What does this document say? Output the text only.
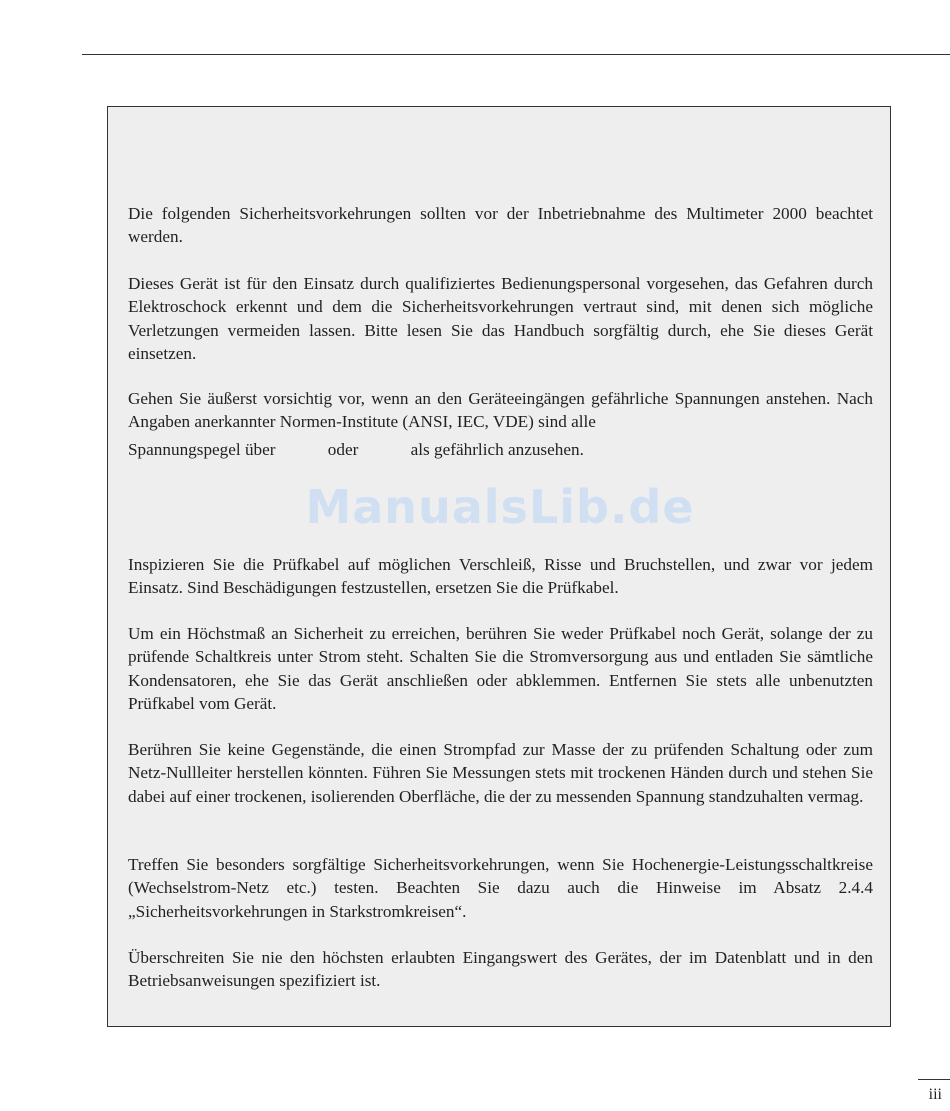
Die folgenden Sicherheitsvorkehrungen sollten vor der Inbetriebnahme des Multimeter 2000 beachtet werden.

Dieses Gerät ist für den Einsatz durch qualifiziertes Bedienungspersonal vorgesehen, das Gefahren durch Elektroschock erkennt und dem die Sicherheitsvorkehrungen vertraut sind, mit denen sich mögliche Verletzungen vermeiden lassen. Bitte lesen Sie das Handbuch sorgfältig durch, ehe Sie dieses Gerät einsetzen.

Gehen Sie äußerst vorsichtig vor, wenn an den Geräteeingängen gefährliche Spannungen anstehen. Nach Angaben anerkannter Normen-Institute (ANSI, IEC, VDE) sind alle
Spannungspegel über	oder	als gefährlich anzusehen.

ManualsLib.de

Inspizieren Sie die Prüfkabel auf möglichen Verschleiß, Risse und Bruchstellen, und zwar vor jedem Einsatz. Sind Beschädigungen festzustellen, ersetzen Sie die Prüfkabel.

Um ein Höchstmaß an Sicherheit zu erreichen, berühren Sie weder Prüfkabel noch Gerät, solange der zu prüfende Schaltkreis unter Strom steht. Schalten Sie die Stromversorgung aus und entladen Sie sämtliche Kondensatoren, ehe Sie das Gerät anschließen oder abklemmen. Entfernen Sie stets alle unbenutzten Prüfkabel vom Gerät.

Berühren Sie keine Gegenstände, die einen Strompfad zur Masse der zu prüfenden Schaltung oder zum Netz-Nullleiter herstellen könnten. Führen Sie Messungen stets mit trockenen Händen durch und stehen Sie dabei auf einer trockenen, isolierenden Oberfläche, die der zu messenden Spannung standzuhalten vermag.

Treffen Sie besonders sorgfältige Sicherheitsvorkehrungen, wenn Sie Hochenergie-Leistungsschaltkreise (Wechselstrom-Netz etc.) testen. Beachten Sie dazu auch die Hinweise im Absatz 2.4.4 „Sicherheitsvorkehrungen in Starkstromkreisen“.

Überschreiten Sie nie den höchsten erlaubten Eingangswert des Gerätes, der im Datenblatt und in den Betriebsanweisungen spezifiziert ist.

iii
